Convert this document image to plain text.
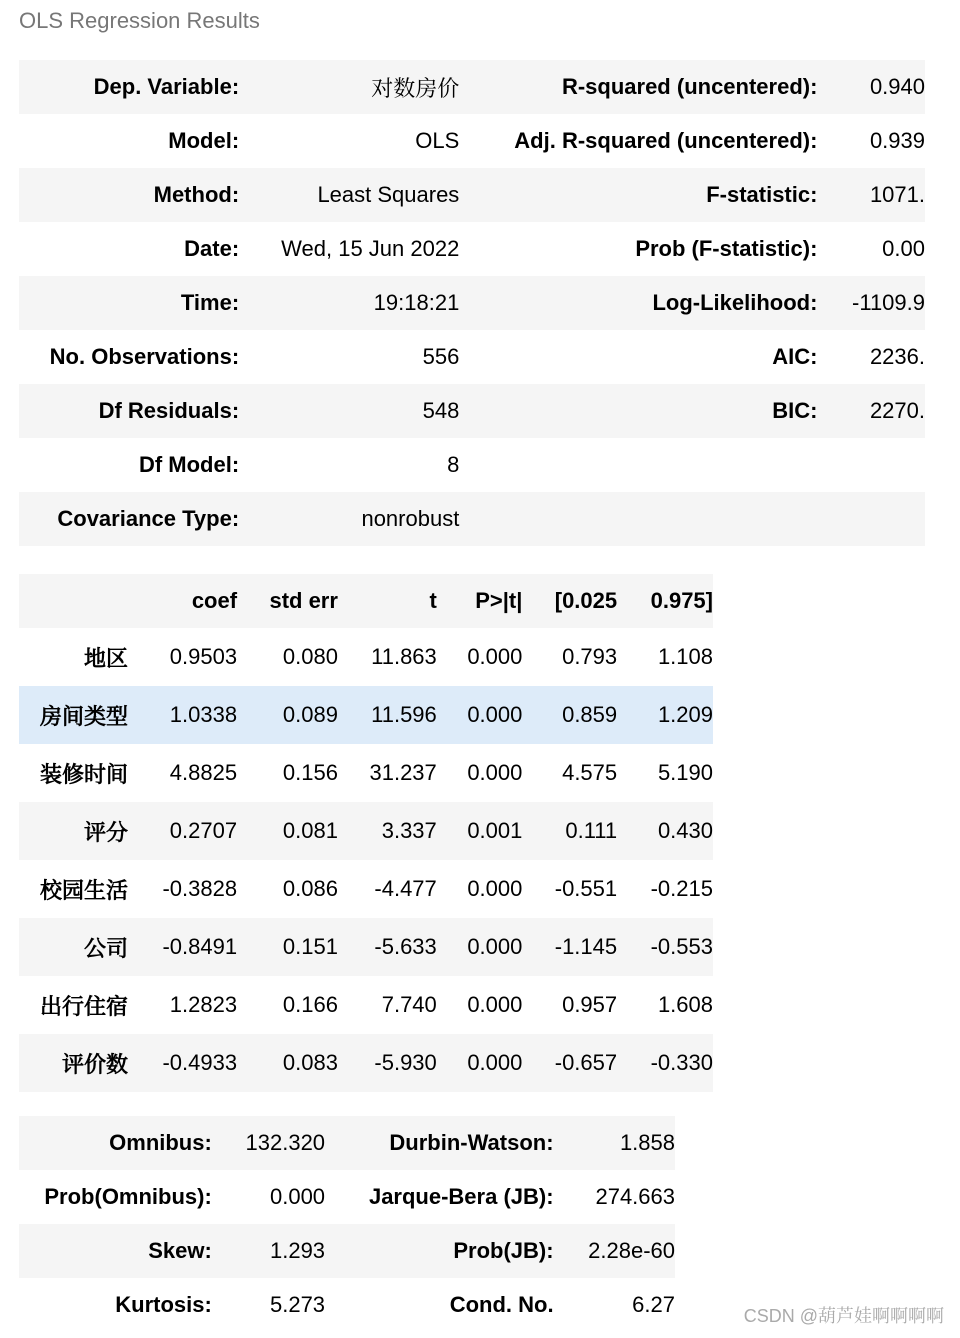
OLS Regression Results
Dep. Variable:	对数房价	R-squared (uncentered):	0.940
Model:	OLS	Adj. R-squared (uncentered):	0.939
Method:	Least Squares	F-statistic:	1071.
Date:	Wed, 15 Jun 2022	Prob (F-statistic):	0.00
Time:	19:18:21	Log-Likelihood:	-1109.9
No. Observations:	556	AIC:	2236.
Df Residuals:	548	BIC:	2270.
Df Model:	8		
Covariance Type:	nonrobust		
	coef	std err	t	P>|t|	[0.025	0.975]
地区	0.9503	0.080	11.863	0.000	0.793	1.108
房间类型	1.0338	0.089	11.596	0.000	0.859	1.209
装修时间	4.8825	0.156	31.237	0.000	4.575	5.190
评分	0.2707	0.081	3.337	0.001	0.111	0.430
校园生活	-0.3828	0.086	-4.477	0.000	-0.551	-0.215
公司	-0.8491	0.151	-5.633	0.000	-1.145	-0.553
出行住宿	1.2823	0.166	7.740	0.000	0.957	1.608
评价数	-0.4933	0.083	-5.930	0.000	-0.657	-0.330
Omnibus:	132.320	Durbin-Watson:	1.858
Prob(Omnibus):	0.000	Jarque-Bera (JB):	274.663
Skew:	1.293	Prob(JB):	2.28e-60
Kurtosis:	5.273	Cond. No.	6.27	CSDN @葫芦娃啊啊啊啊
